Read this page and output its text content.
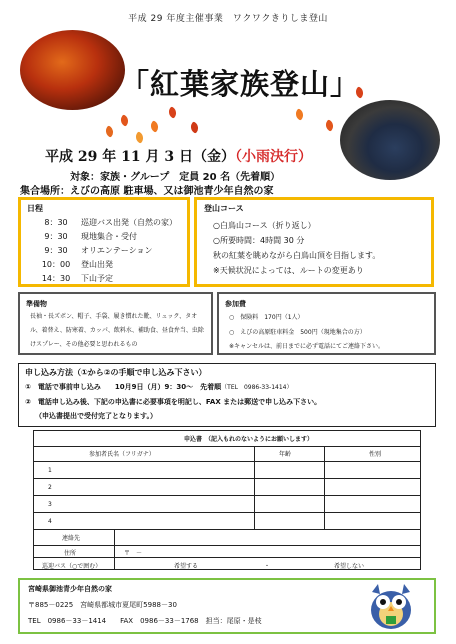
平成 29 年度主催事業　ワクワクきりしま登山
「紅葉家族登山」
平成 29 年 11 月 3 日（金）（小雨決行）
対象：家族・グループ　定員 20 名（先着順）
集合場所：えびの高原 駐車場、又は御池青少年自然の家
日程
8：30 巡迎バス出発（自然の家）
9：30 現地集合・受付
9：30 オリエンテーション
10：00 登山出発
14：30 下山予定
登山コース
○白鳥山コース（折り返し）
○所要時間：4時間 30 分
秋の紅葉を眺めながら白鳥山頂を目指します。
※天候状況によっては、ルートの変更あり
準備物
長袖・長ズボン、帽子、手袋、履き慣れた靴、リュック、タオル、着替え、防寒着、カッパ、飲料水、補助食、昼食弁当、虫除けスプレー、その他必要と思われるもの
参加費
○　保険料　170円（1人）
○　えびの高原駐車料金　500円（現地集合の方）
※キャンセルは、前日までに必ず電話にてご連絡下さい。
申し込み方法（①から②の手順で申し込み下さい）
①　電話で事前申し込み　　10月9日（月）9：30～　先着順（TEL　0986-33-1414）
②　電話申し込み後、下記の申込書に必要事項を明記し、FAX または郵送で申し込み下さい。
（申込書提出で受付完了となります。）
申込書　（記入もれのないようにお願いします）
参加者氏名（フリガナ）	年齢	性別
1
2
3
4
連絡先
住所	〒　－
巡迎バス（○で囲む）	希望する	・	希望しない
宮崎県御池青少年自然の家
〒885－0225　宮崎県都城市夏尾町5988－30
TEL　0986－33－1414　　FAX　0986－33－1768　担当：尾原・是枝
